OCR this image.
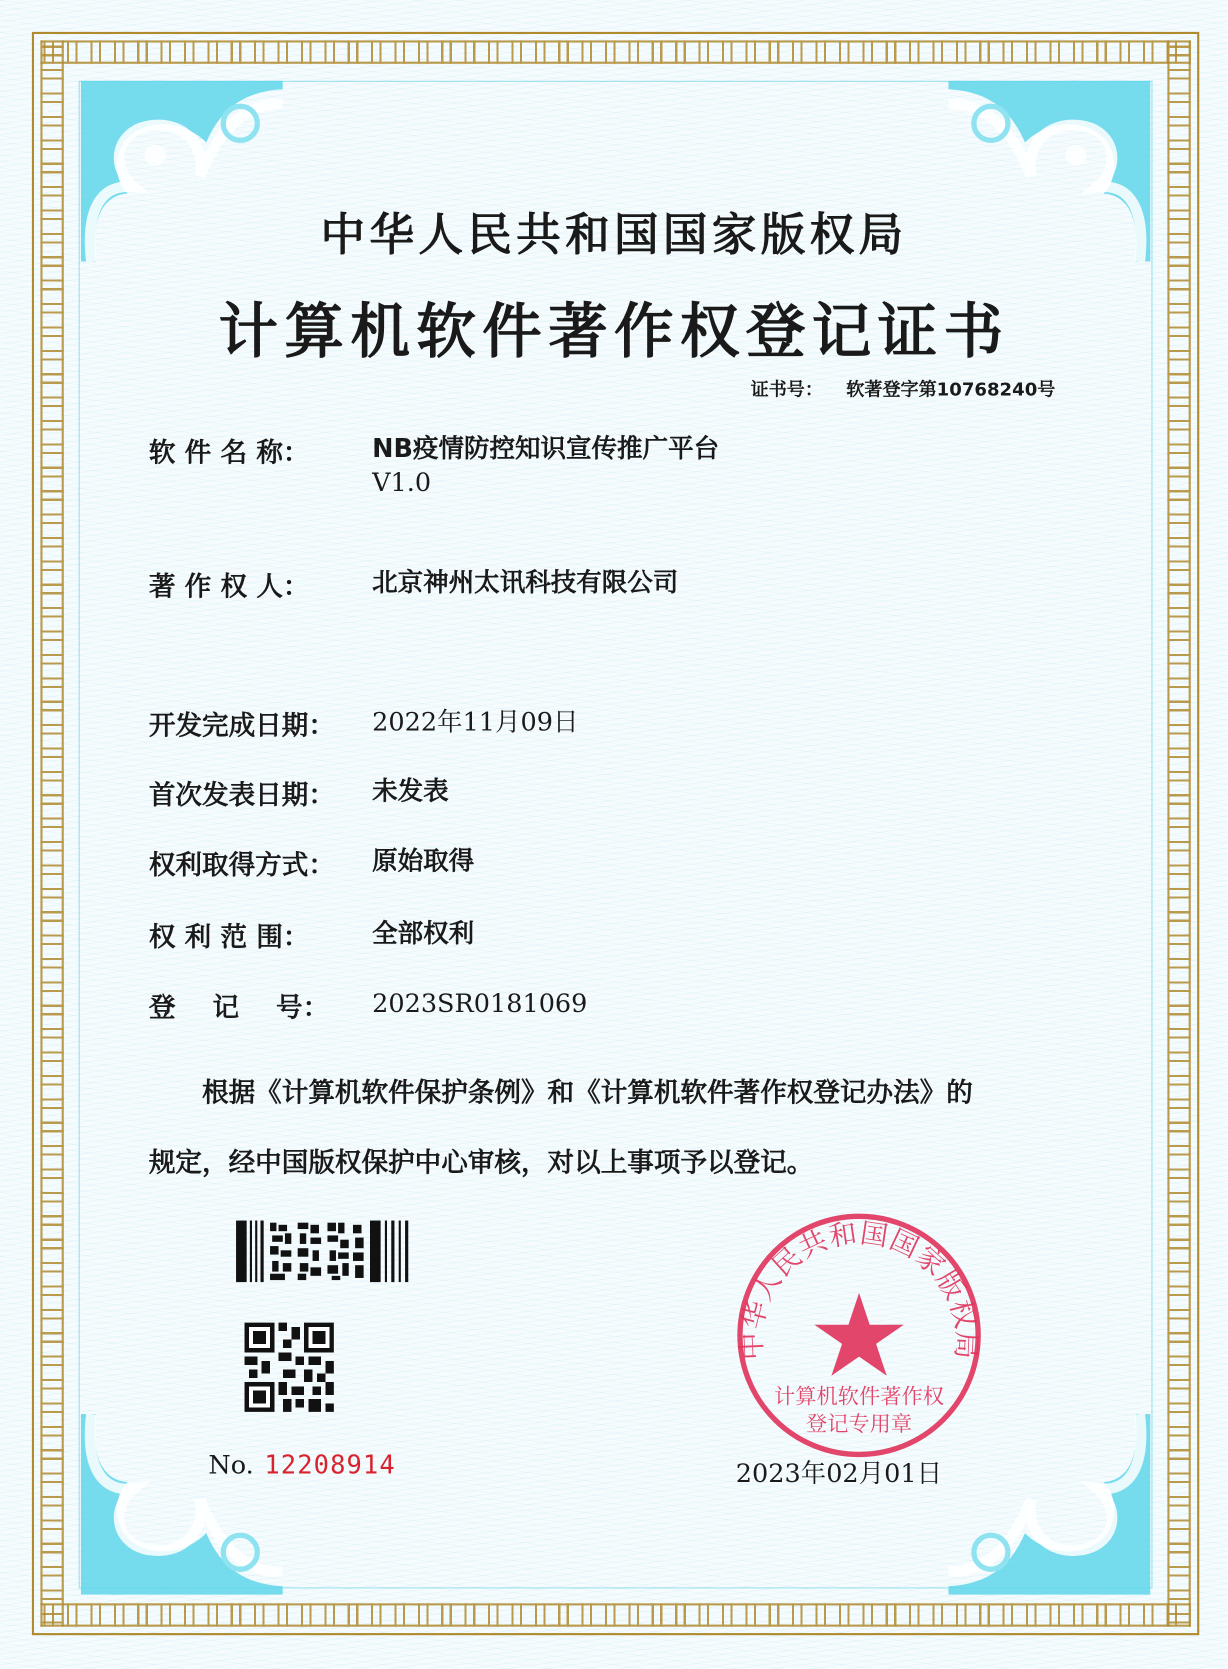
中华人民共和国国家版权局
计算机软件著作权登记证书
证书号： 软著登字第10768240号
软 件 名 称：	NB疫情防控知识宣传推广平台
V1.0
著 作 权 人：	北京神州太讯科技有限公司
开发完成日期：	2022年11月09日
首次发表日期：	未发表
权利取得方式：	原始取得
权 利 范 围：	全部权利
登    记    号：	2023SR0181069
根据《计算机软件保护条例》和《计算机软件著作权登记办法》的
规定，经中国版权保护中心审核，对以上事项予以登记。
No. 12208914
中华人民共和国国家版权局
计算机软件著作权
登记专用章
2023年02月01日
